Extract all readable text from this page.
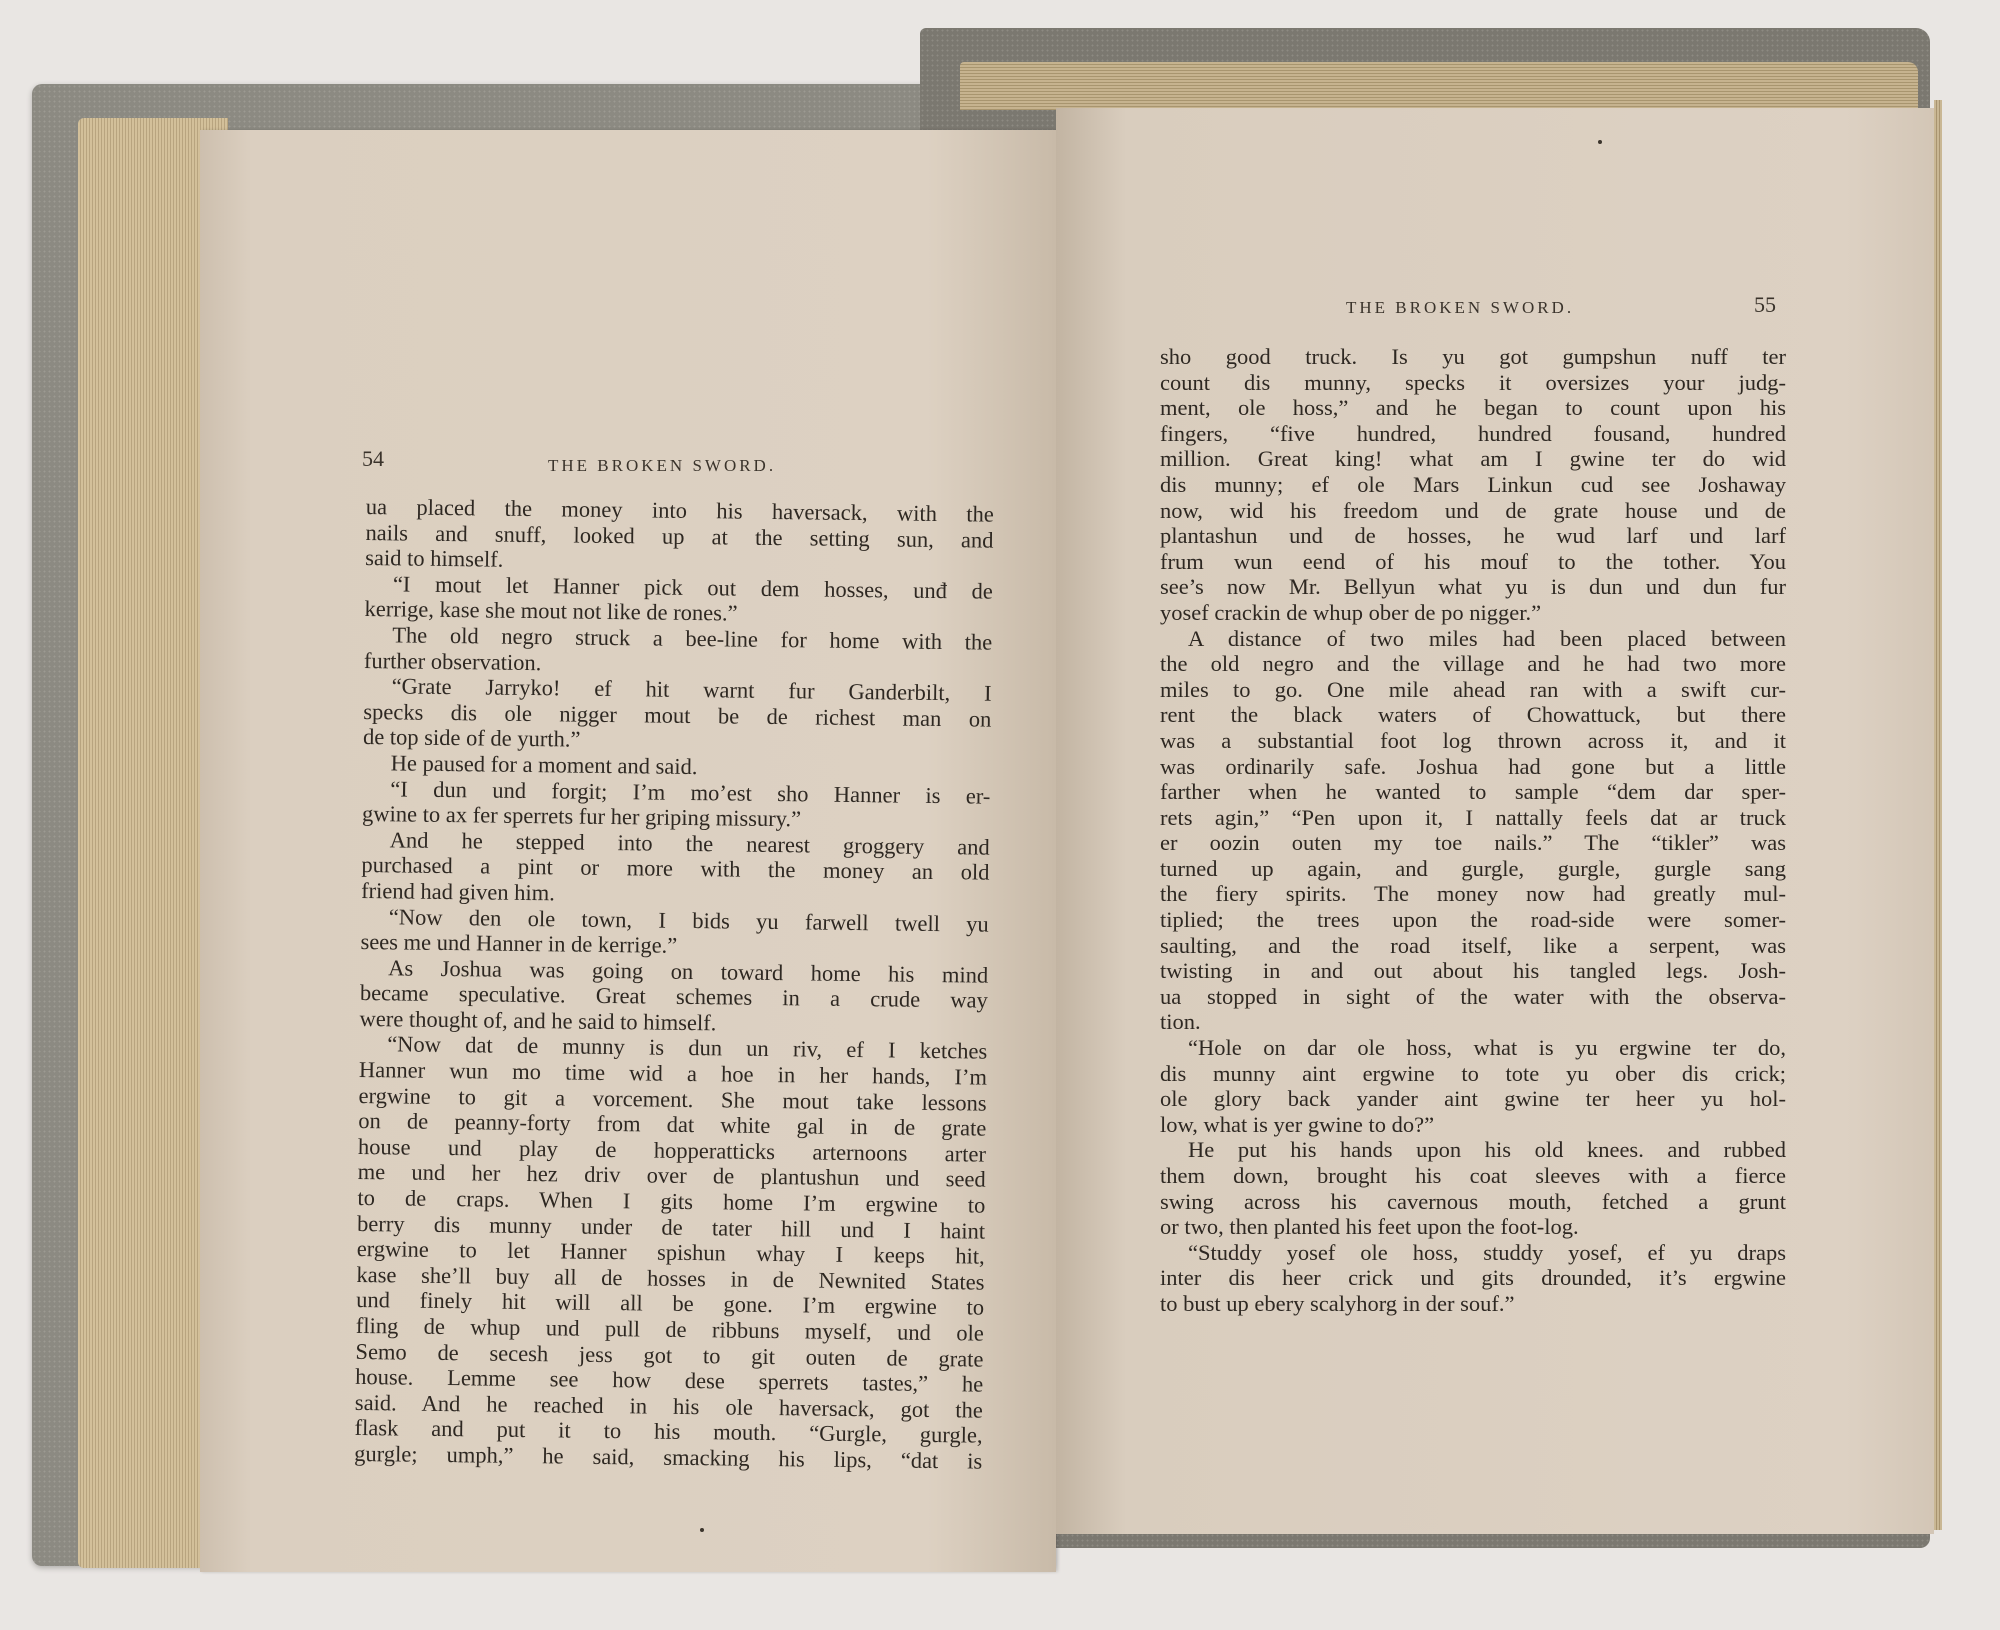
54	THE BROKEN SWORD.
ua placed the money into his haversack, with the
nails and snuff, looked up at the setting sun, and
said to himself.
“I mout let Hanner pick out dem hosses, unđ de
kerrige, kase she mout not like de rones.”
The old negro struck a bee-line for home with the
further observation.
“Grate Jarryko! ef hit warnt fur Ganderbilt, I
specks dis ole nigger mout be de richest man on
de top side of de yurth.”
He paused for a moment and said.
“I dun und forgit; I’m mo’est sho Hanner is er-
gwine to ax fer sperrets fur her griping missury.”
And he stepped into the nearest groggery and
purchased a pint or more with the money an old
friend had given him.
“Now den ole town, I bids yu farwell twell yu
sees me und Hanner in de kerrige.”
As Joshua was going on toward home his mind
became speculative. Great schemes in a crude way
were thought of, and he said to himself.
“Now dat de munny is dun un riv, ef I ketches
Hanner wun mo time wid a hoe in her hands, I’m
ergwine to git a vorcement. She mout take lessons
on de peanny-forty from dat white gal in de grate
house und play de hopperatticks arternoons arter
me und her hez driv over de plantushun und seed
to de craps. When I gits home I’m ergwine to
berry dis munny under de tater hill und I haint
ergwine to let Hanner spishun whay I keeps hit,
kase she’ll buy all de hosses in de Newnited States
und finely hit will all be gone. I’m ergwine to
fling de whup und pull de ribbuns myself, und ole
Semo de secesh jess got to git outen de grate
house. Lemme see how dese sperrets tastes,” he
said. And he reached in his ole haversack, got the
flask and put it to his mouth. “Gurgle, gurgle,
gurgle; umph,” he said, smacking his lips, “dat is
THE BROKEN SWORD.	55
sho good truck. Is yu got gumpshun nuff ter
count dis munny, specks it oversizes your judg-
ment, ole hoss,” and he began to count upon his
fingers, “five hundred, hundred fousand, hundred
million. Great king! what am I gwine ter do wid
dis munny; ef ole Mars Linkun cud see Joshaway
now, wid his freedom und de grate house und de
plantashun und de hosses, he wud larf und larf
frum wun eend of his mouf to the tother. You
see’s now Mr. Bellyun what yu is dun und dun fur
yosef crackin de whup ober de po nigger.”
A distance of two miles had been placed between
the old negro and the village and he had two more
miles to go. One mile ahead ran with a swift cur-
rent the black waters of Chowattuck, but there
was a substantial foot log thrown across it, and it
was ordinarily safe. Joshua had gone but a little
farther when he wanted to sample “dem dar sper-
rets agin,” “Pen upon it, I nattally feels dat ar truck
er oozin outen my toe nails.” The “tikler” was
turned up again, and gurgle, gurgle, gurgle sang
the fiery spirits. The money now had greatly mul-
tiplied; the trees upon the road-side were somer-
saulting, and the road itself, like a serpent, was
twisting in and out about his tangled legs. Josh-
ua stopped in sight of the water with the observa-
tion.
“Hole on dar ole hoss, what is yu ergwine ter do,
dis munny aint ergwine to tote yu ober dis crick;
ole glory back yander aint gwine ter heer yu hol-
low, what is yer gwine to do?”
He put his hands upon his old knees. and rubbed
them down, brought his coat sleeves with a fierce
swing across his cavernous mouth, fetched a grunt
or two, then planted his feet upon the foot-log.
“Studdy yosef ole hoss, studdy yosef, ef yu draps
inter dis heer crick und gits drounded, it’s ergwine
to bust up ebery scalyhorg in der souf.”
